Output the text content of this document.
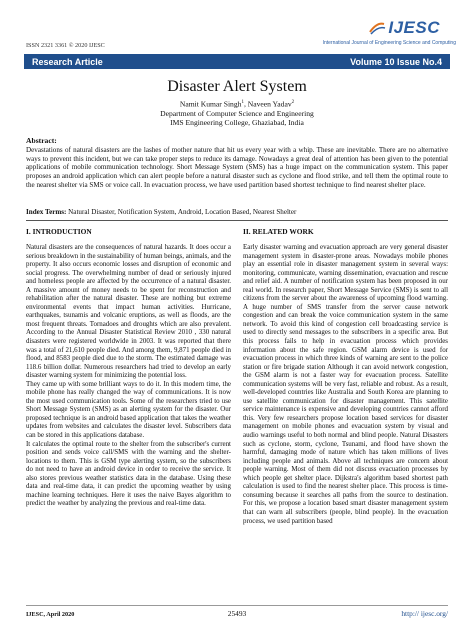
ISSN 2321 3361 © 2020 IJESC
IJESC
International Journal of Engineering Science and Computing
Research Article	Volume 10 Issue No.4
Disaster Alert System
Namit Kumar Singh$^1$, Naveen Yadav$^2$
Department of Computer Science and Engineering
IMS Engineering College, Ghaziabad, India
Abstract:
Devastations of natural disasters are the lashes of mother nature that hit us every year with a whip. These are inevitable. There are no alternative ways to prevent this incident, but we can take proper steps to reduce its damage. Nowadays a great deal of attention has been given to the potential applications of mobile communication technology. Short Message System (SMS) has a huge impact on the communication system. This paper proposes an android application which can alert people before a natural disaster such as cyclone and flood strike, and tell them the optimal route to the nearest shelter via SMS or voice call. In evacuation process, we have used partition based shortest technique to find nearest shelter place.
Index Terms: Natural Disaster, Notification System, Android, Location Based, Nearest Shelter
I. INTRODUCTION	II. RELATED WORK
Natural disasters are the consequences of natural hazards. It does occur a serious breakdown in the sustainability of human beings, animals, and the property. It also occurs economic losses and disruption of economic and social progress. The overwhelming number of dead or seriously injured and homeless people are affected by the occurrence of a natural disaster. A massive amount of money needs to be spent for reconstruction and rehabilitation after the natural disaster. These are nothing but extreme environmental events that impact human activities. Hurricane, earthquakes, tsunamis and volcanic eruptions, as well as floods, are the most frequent threats. Tornadoes and droughts which are also prevalent. According to the Annual Disaster Statistical Review 2010 , 330 natural disasters were registered worldwide in 2003. It was reported that there was a total of 21,610 people died. And among them, 9,871 people died in flood, and 8583 people died due to the storm. The estimated damage was 118.6 billion dollar. Numerous researchers had tried to develop an early disaster warning system for minimizing the potential loss.
They came up with some brilliant ways to do it. In this modern time, the mobile phone has really changed the way of communications. It is now the most used communication tools. Some of the researchers tried to use Short Message System (SMS) as an alerting system for the disaster. Our proposed technique is an android based application that takes the weather updates from websites and calculates the disaster level. Subscribers data can be stored in this applications database.
It calculates the optimal route to the shelter from the subscriber's current position and sends voice call/SMS with the warning and the shelter-locations to them. This is GSM type alerting system, so the subscribers do not need to have an android device in order to receive the service. It also stores previous weather statistics data in the database. Using these data and real-time data, it can predict the upcoming weather by using machine learning techniques. Here it uses the naive Bayes algorithm to predict the weather by analyzing the previous and real-time data.
Early disaster warning and evacuation approach are very general disaster management system in disaster-prone areas. Nowadays mobile phones play an essential role in disaster management system in several ways: monitoring, communicate, warning dissemination, evacuation and rescue and relief aid. A number of notification system has been proposed in our real world. In research paper, Short Message Service (SMS) is sent to all citizens from the server about the awareness of upcoming flood warning. A huge number of SMS transfer from the server cause network congestion and can break the voice communication system in the same network. To avoid this kind of congestion cell broadcasting service is used to directly send messages to the subscribers in a specific area. But this process fails to help in evacuation process which provides information about the safe region. GSM alarm device is used for evacuation process in which three kinds of warning are sent to the police station or fire brigade station Although it can avoid network congestion, the GSM alarm is not a faster way for evacuation process. Satellite communication systems will be very fast, reliable and robust. As a result, well-developed countries like Australia and South Korea are planning to use satellite communication for disaster management. This satellite service maintenance is expensive and developing countries cannot afford this. Very few researchers propose location based services for disaster management on mobile phones and evacuation system by visual and audio warnings useful to both normal and blind people. Natural Disasters such as cyclone, storm, cyclone, Tsunami, and flood have shown the harmful, damaging mode of nature which has taken millions of lives including people and animals. Above all techniques are concern about people warning. Most of them did not discuss evacuation processes by which people get shelter place. Dijkstra's algorithm based shortest path calculation is used to find the nearest shelter place. This process is time-consuming because it searches all paths from the source to destination. For this, we propose a location based smart disaster management system that can warn all subscribers (people, blind people). In the evacuation process, we used partition based
IJESC, April 2020	25493	http:// ijesc.org/
